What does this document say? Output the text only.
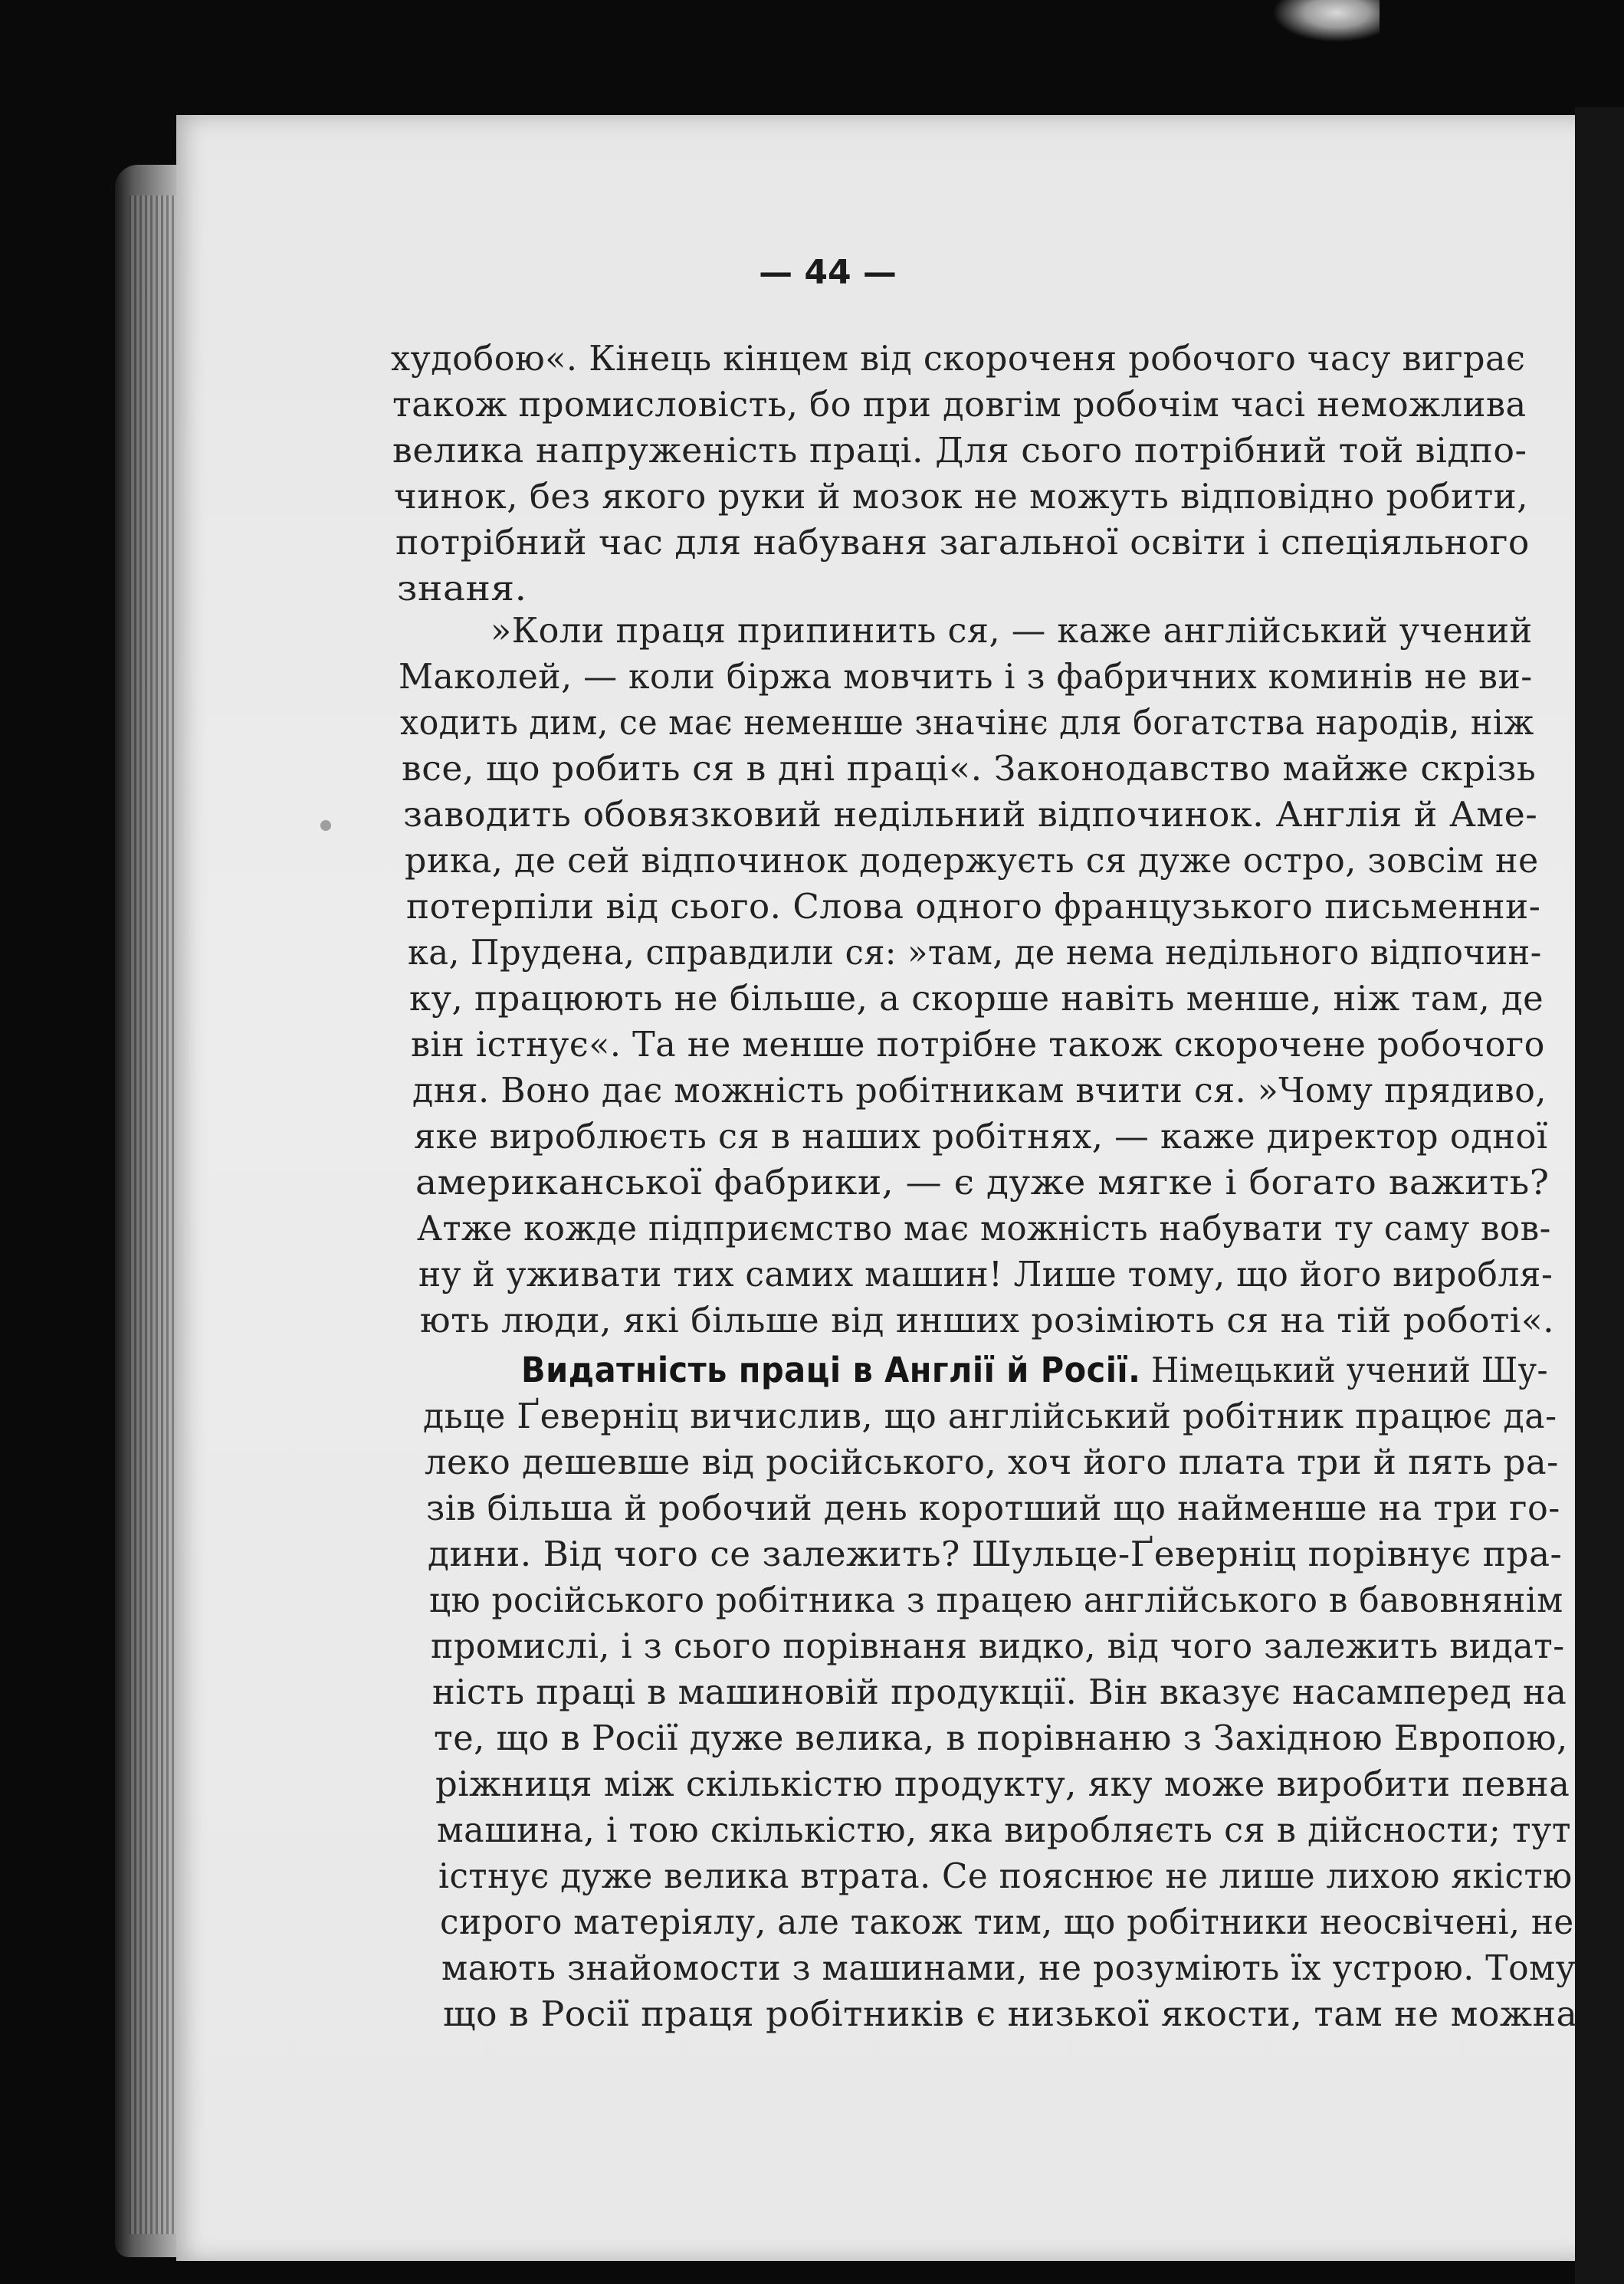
— 44 —
худобою«. Кінець кінцем від скороченя робочого часу виграє
також промисловість, бо при довгім робочім часі неможлива
велика напруженість праці. Для сього потрібний той відпо-
чинок, без якого руки й мозок не можуть відповідно робити,
потрібний час для набуваня загальної освіти і спеціяльного
знаня.
»Коли праця припинить ся, — каже англійський учений
Маколей, — коли біржа мовчить і з фабричних коминів не ви-
ходить дим, се має неменше значінє для богатства народів, ніж
все, що робить ся в дні праці«. Законодавство майже скрізь
заводить обовязковий недільний відпочинок. Англія й Аме-
рика, де сей відпочинок додержуєть ся дуже остро, зовсім не
потерпіли від сього. Слова одного французького письменни-
ка, Прудена, справдили ся: »там, де нема недільного відпочин-
ку, працюють не більше, а скорше навіть менше, ніж там, де
він істнує«. Та не менше потрібне також скорочене робочого
дня. Воно дає можність робітникам вчити ся. »Чому прядиво,
яке вироблюєть ся в наших робітнях, — каже директор одної
американської фабрики, — є дуже мягке і богато важить?
Атже кожде підприємство має можність набувати ту саму вов-
ну й уживати тих самих машин! Лише тому, що його виробля-
ють люди, які більше від инших розіміють ся на тій роботі«.
Видатність праці в Англії й Росії. Німецький учений Шу-
дьце Ґеверніц вичислив, що англійський робітник працює да-
леко дешевше від російського, хоч його плата три й пять ра-
зів більша й робочий день коротший що найменше на три го-
дини. Від чого се залежить? Шульце-Ґеверніц порівнує пра-
цю російського робітника з працею англійського в бавовнянім
промислі, і з сього порівнаня видко, від чого залежить видат-
ність праці в машиновій продукції. Він вказує насамперед на
те, що в Росії дуже велика, в порівнаню з Західною Европою,
ріжниця між скількістю продукту, яку може виробити певна
машина, і тою скількістю, яка виробляєть ся в дійсности; тут
істнує дуже велика втрата. Се пояснює не лише лихою якістю
сирого матеріялу, але також тим, що робітники неосвічені, не
мають знайомости з машинами, не розуміють їх устрою. Тому
що в Росії праця робітників є низької якости, там не можна
